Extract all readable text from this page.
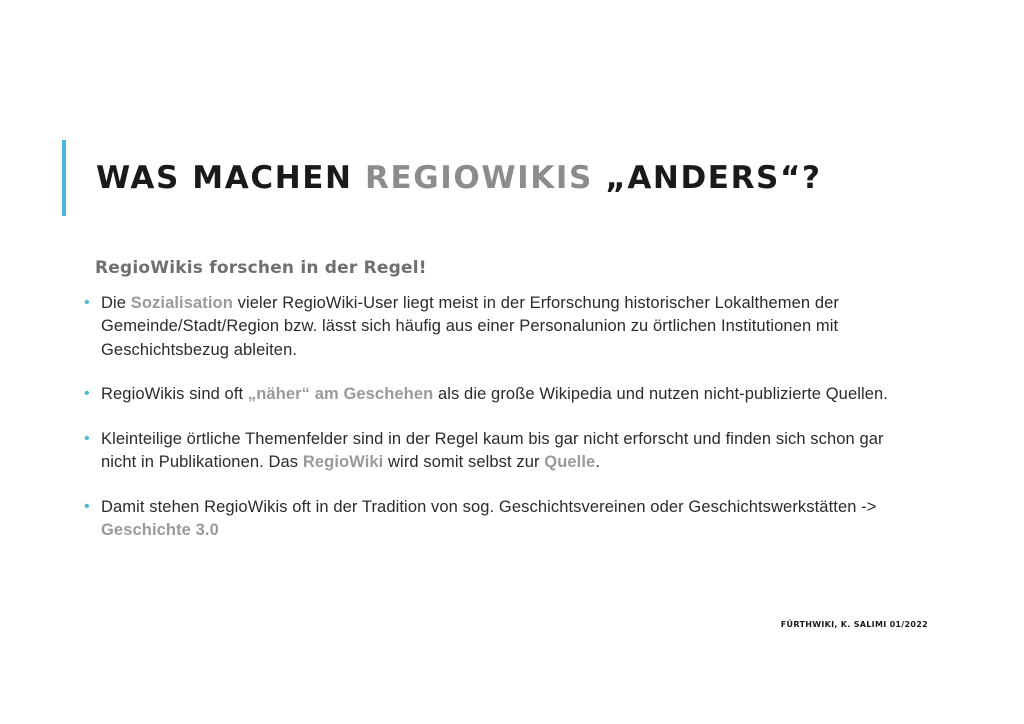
WAS MACHEN REGIOWIKIS „ANDERS“?
RegioWikis forschen in der Regel!
• Die Sozialisation vieler RegioWiki-User liegt meist in der Erforschung historischer Lokalthemen der Gemeinde/Stadt/Region bzw. lässt sich häufig aus einer Personalunion zu örtlichen Institutionen mit Geschichtsbezug ableiten.
• RegioWikis sind oft „näher“ am Geschehen als die große Wikipedia und nutzen nicht-publizierte Quellen.
• Kleinteilige örtliche Themenfelder sind in der Regel kaum bis gar nicht erforscht und finden sich schon gar nicht in Publikationen. Das RegioWiki wird somit selbst zur Quelle.
• Damit stehen RegioWikis oft in der Tradition von sog. Geschichtsvereinen oder Geschichtswerkstätten -> Geschichte 3.0
FÜRTHWIKI, K. SALIMI 01/2022
